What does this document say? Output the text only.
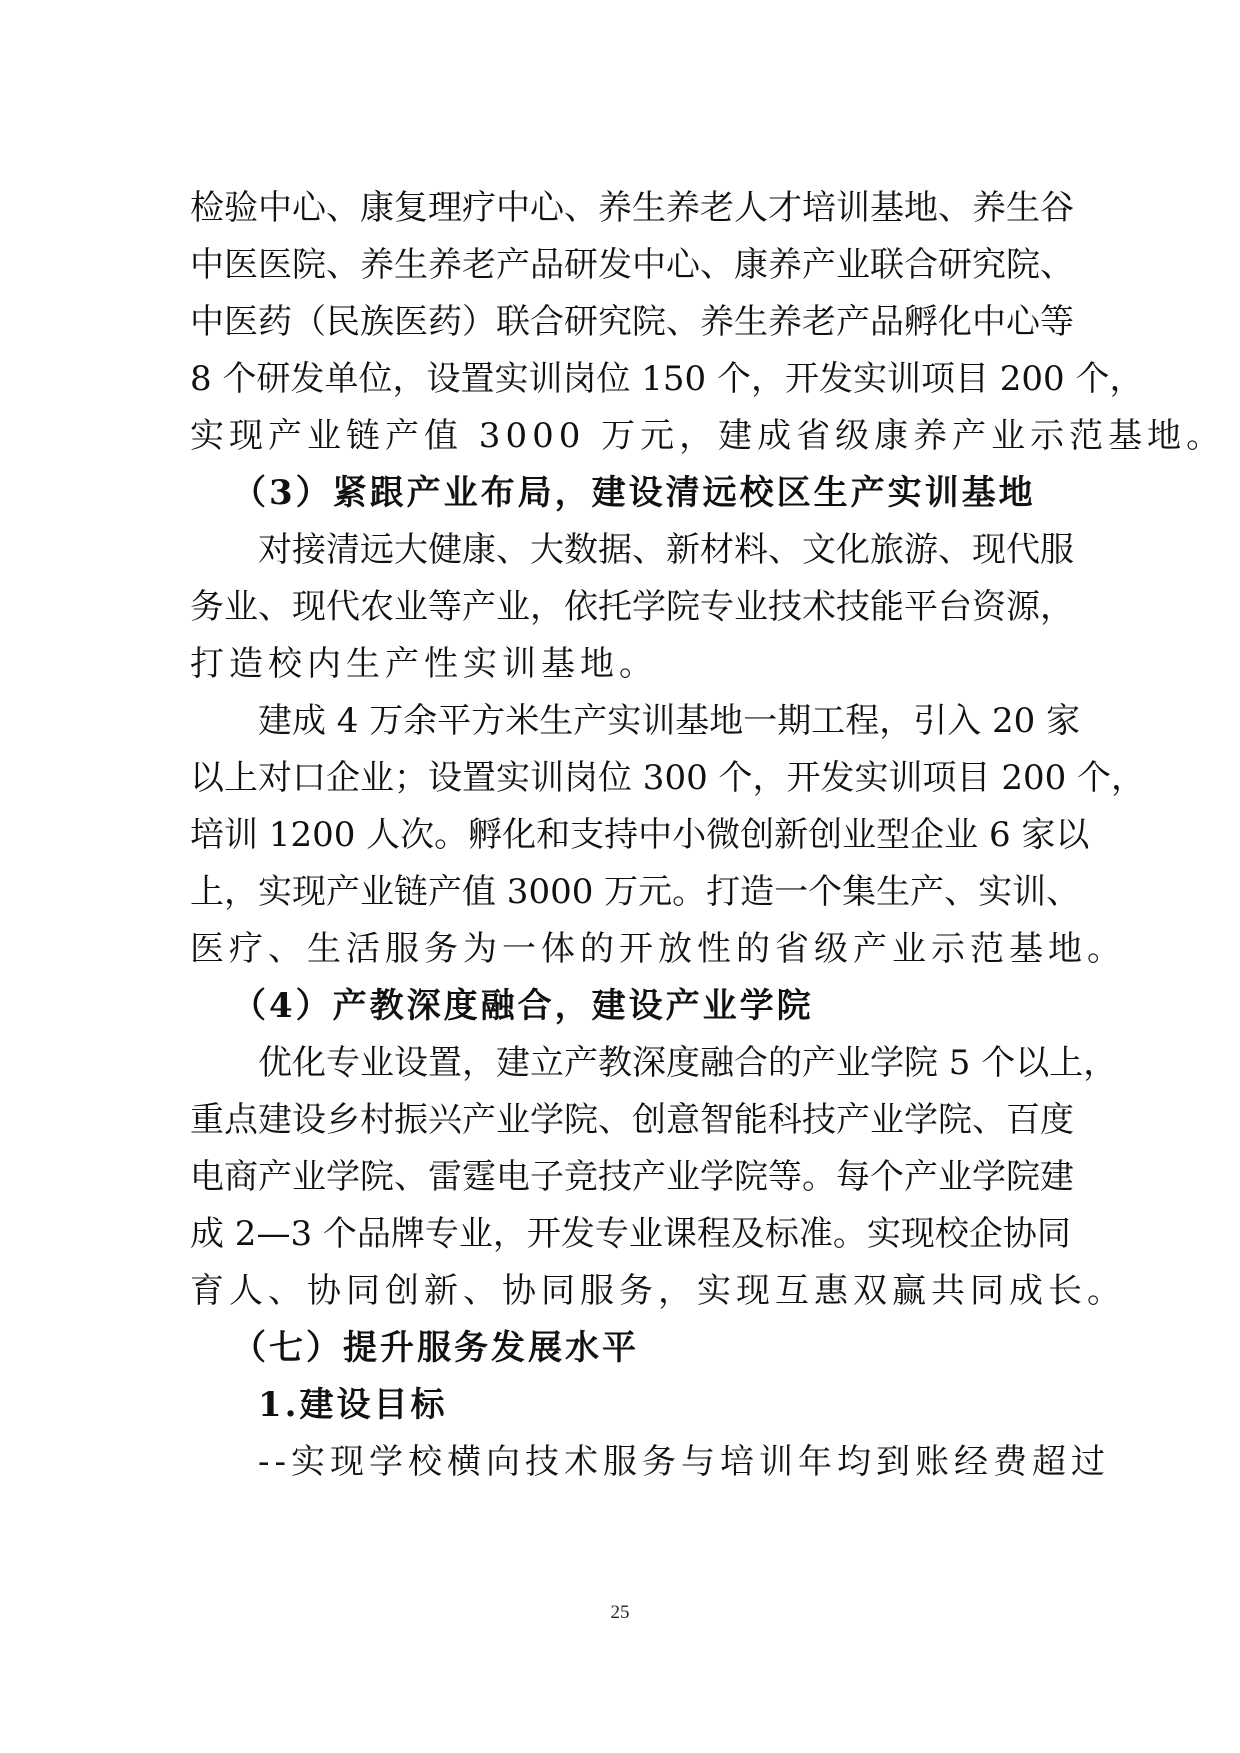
检验中心、康复理疗中心、养生养老人才培训基地、养生谷
中医医院、养生养老产品研发中心、康养产业联合研究院、
中医药（民族医药）联合研究院、养生养老产品孵化中心等
8 个研发单位，设置实训岗位 150 个，开发实训项目 200 个，
实现产业链产值 3000 万元，建成省级康养产业示范基地。
（3）紧跟产业布局，建设清远校区生产实训基地
对接清远大健康、大数据、新材料、文化旅游、现代服
务业、现代农业等产业，依托学院专业技术技能平台资源，
打造校内生产性实训基地。
建成 4 万余平方米生产实训基地一期工程，引入 20 家
以上对口企业；设置实训岗位 300 个，开发实训项目 200 个，
培训 1200 人次。孵化和支持中小微创新创业型企业 6 家以
上，实现产业链产值 3000 万元。打造一个集生产、实训、
医疗、生活服务为一体的开放性的省级产业示范基地。
（4）产教深度融合，建设产业学院
优化专业设置，建立产教深度融合的产业学院 5 个以上，
重点建设乡村振兴产业学院、创意智能科技产业学院、百度
电商产业学院、雷霆电子竞技产业学院等。每个产业学院建
成 2—3 个品牌专业，开发专业课程及标准。实现校企协同
育人、协同创新、协同服务，实现互惠双赢共同成长。
（七）提升服务发展水平
1.建设目标
--实现学校横向技术服务与培训年均到账经费超过
25
